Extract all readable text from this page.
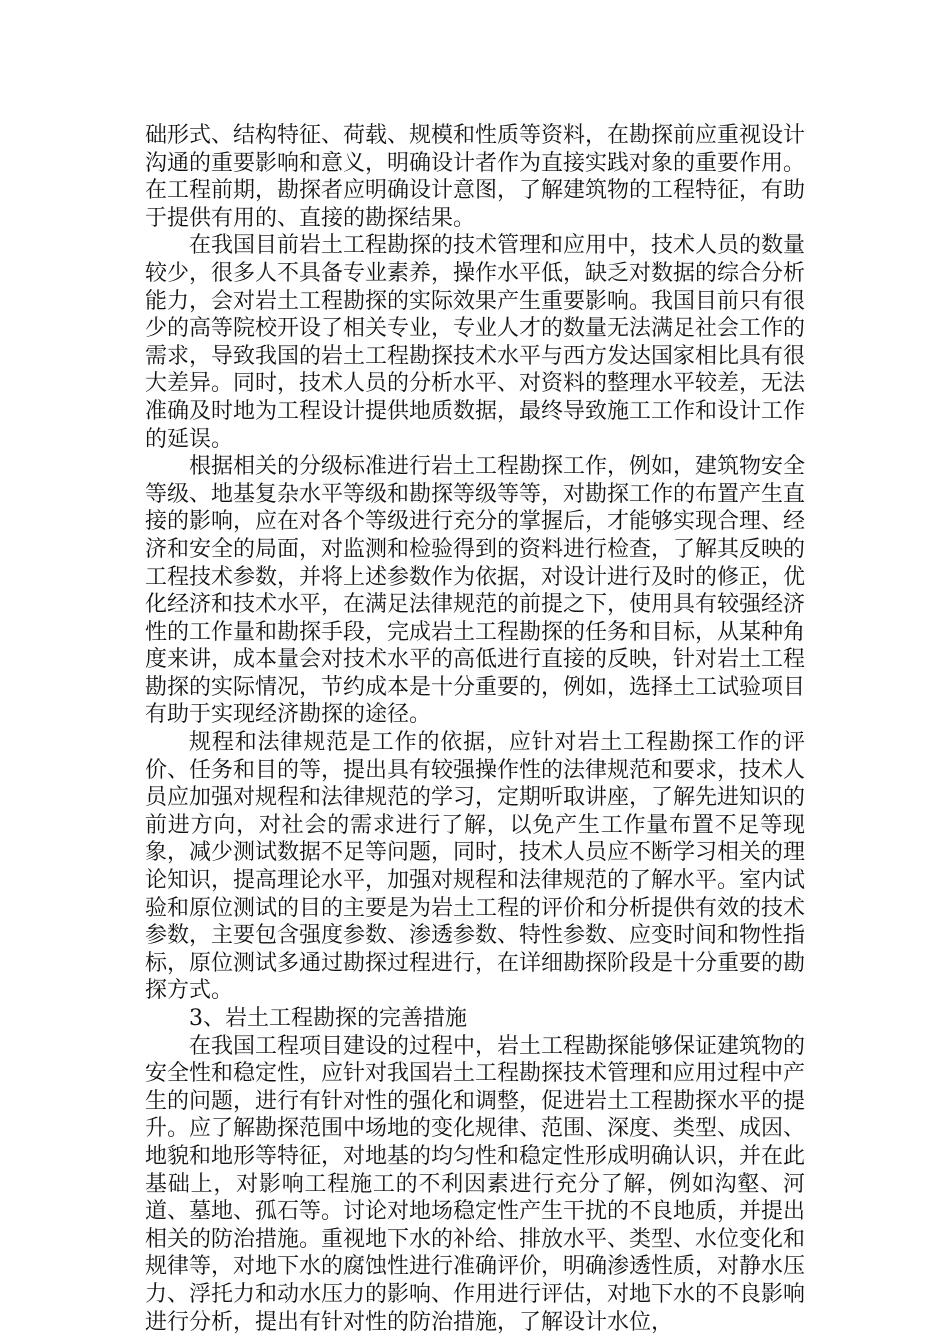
础形式、结构特征、荷载、规模和性质等资料，在勘探前应重视设计沟通的重要影响和意义，明确设计者作为直接实践对象的重要作用。在工程前期，勘探者应明确设计意图，了解建筑物的工程特征，有助于提供有用的、直接的勘探结果。

在我国目前岩土工程勘探的技术管理和应用中，技术人员的数量较少，很多人不具备专业素养，操作水平低，缺乏对数据的综合分析能力，会对岩土工程勘探的实际效果产生重要影响。我国目前只有很少的高等院校开设了相关专业，专业人才的数量无法满足社会工作的需求，导致我国的岩土工程勘探技术水平与西方发达国家相比具有很大差异。同时，技术人员的分析水平、对资料的整理水平较差，无法准确及时地为工程设计提供地质数据，最终导致施工工作和设计工作的延误。

根据相关的分级标准进行岩土工程勘探工作，例如，建筑物安全等级、地基复杂水平等级和勘探等级等等，对勘探工作的布置产生直接的影响，应在对各个等级进行充分的掌握后，才能够实现合理、经济和安全的局面，对监测和检验得到的资料进行检查，了解其反映的工程技术参数，并将上述参数作为依据，对设计进行及时的修正，优化经济和技术水平，在满足法律规范的前提之下，使用具有较强经济性的工作量和勘探手段，完成岩土工程勘探的任务和目标，从某种角度来讲，成本量会对技术水平的高低进行直接的反映，针对岩土工程勘探的实际情况，节约成本是十分重要的，例如，选择土工试验项目有助于实现经济勘探的途径。

规程和法律规范是工作的依据，应针对岩土工程勘探工作的评价、任务和目的等，提出具有较强操作性的法律规范和要求，技术人员应加强对规程和法律规范的学习，定期听取讲座，了解先进知识的前进方向，对社会的需求进行了解，以免产生工作量布置不足等现象，减少测试数据不足等问题，同时，技术人员应不断学习相关的理论知识，提高理论水平，加强对规程和法律规范的了解水平。室内试验和原位测试的目的主要是为岩土工程的评价和分析提供有效的技术参数，主要包含强度参数、渗透参数、特性参数、应变时间和物性指标，原位测试多通过勘探过程进行，在详细勘探阶段是十分重要的勘探方式。

3、岩土工程勘探的完善措施

在我国工程项目建设的过程中，岩土工程勘探能够保证建筑物的安全性和稳定性，应针对我国岩土工程勘探技术管理和应用过程中产生的问题，进行有针对性的强化和调整，促进岩土工程勘探水平的提升。应了解勘探范围中场地的变化规律、范围、深度、类型、成因、地貌和地形等特征，对地基的均匀性和稳定性形成明确认识，并在此基础上，对影响工程施工的不利因素进行充分了解，例如沟壑、河道、墓地、孤石等。讨论对地场稳定性产生干扰的不良地质，并提出相关的防治措施。重视地下水的补给、排放水平、类型、水位变化和规律等，对地下水的腐蚀性进行准确评价，明确渗透性质，对静水压力、浮托力和动水压力的影响、作用进行评估，对地下水的不良影响进行分析，提出有针对性的防治措施，了解设计水位，
